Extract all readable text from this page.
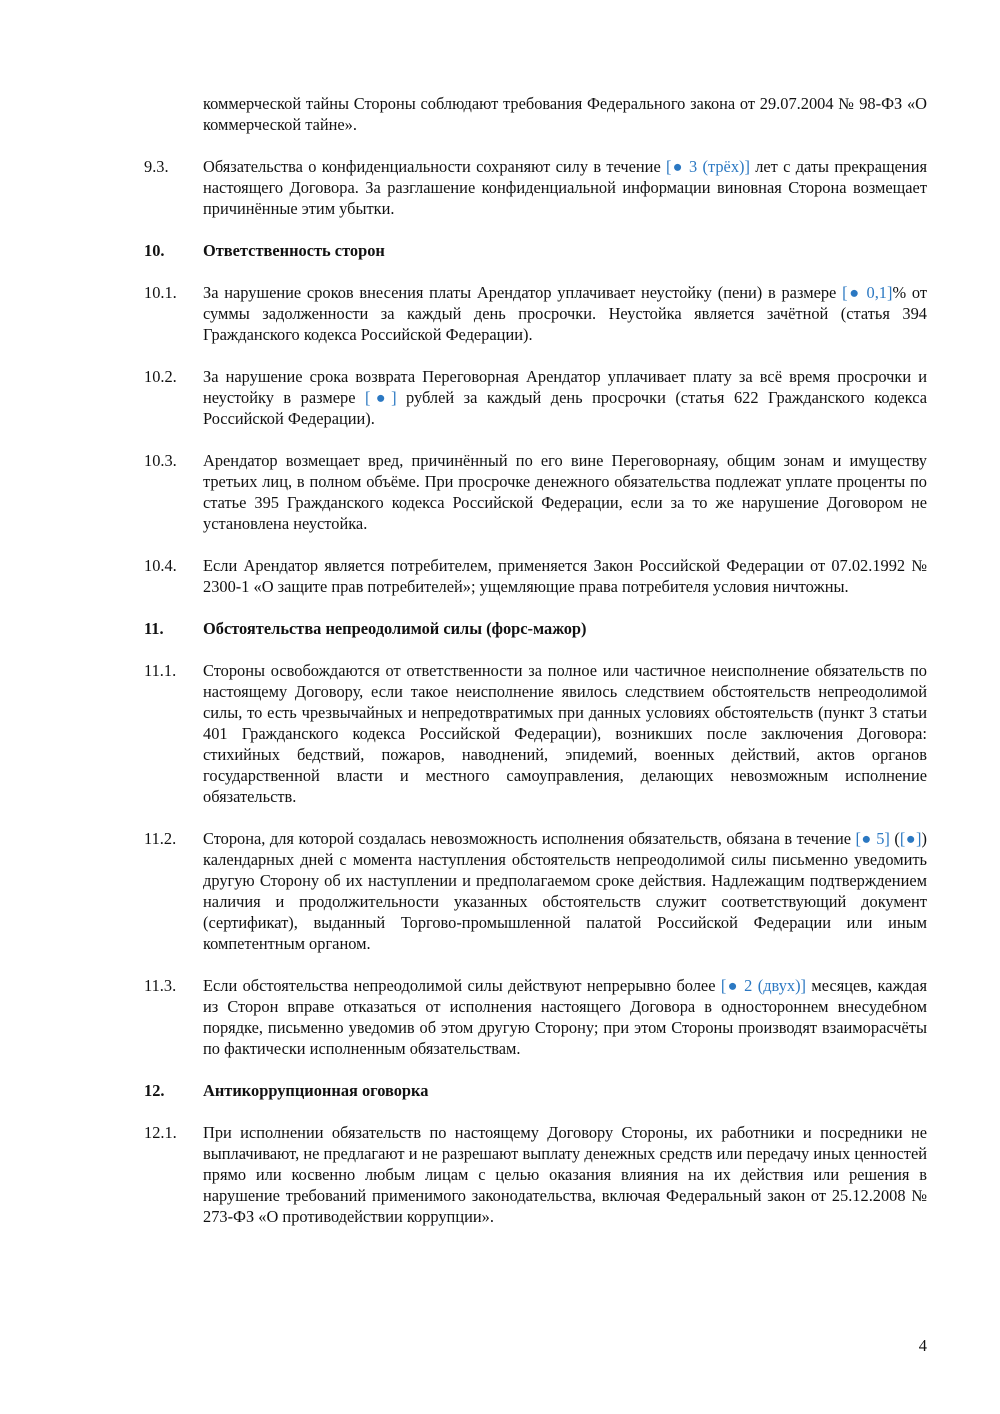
коммерческой тайны Стороны соблюдают требования Федерального закона от 29.07.2004 № 98-ФЗ «О коммерческой тайне».

9.3.	Обязательства о конфиденциальности сохраняют силу в течение [● 3 (трёх)] лет с даты прекращения настоящего Договора. За разглашение конфиденциальной информации виновная Сторона возмещает причинённые этим убытки.
10.	Ответственность сторон
10.1.	За нарушение сроков внесения платы Арендатор уплачивает неустойку (пени) в размере [● 0,1]% от суммы задолженности за каждый день просрочки. Неустойка является зачётной (статья 394 Гражданского кодекса Российской Федерации).
10.2.	За нарушение срока возврата Переговорная Арендатор уплачивает плату за всё время просрочки и неустойку в размере [●] рублей за каждый день просрочки (статья 622 Гражданского кодекса Российской Федерации).
10.3.	Арендатор возмещает вред, причинённый по его вине Переговорнаяу, общим зонам и имуществу третьих лиц, в полном объёме. При просрочке денежного обязательства подлежат уплате проценты по статье 395 Гражданского кодекса Российской Федерации, если за то же нарушение Договором не установлена неустойка.
10.4.	Если Арендатор является потребителем, применяется Закон Российской Федерации от 07.02.1992 № 2300-1 «О защите прав потребителей»; ущемляющие права потребителя условия ничтожны.
11.	Обстоятельства непреодолимой силы (форс-мажор)
11.1.	Стороны освобождаются от ответственности за полное или частичное неисполнение обязательств по настоящему Договору, если такое неисполнение явилось следствием обстоятельств непреодолимой силы, то есть чрезвычайных и непредотвратимых при данных условиях обстоятельств (пункт 3 статьи 401 Гражданского кодекса Российской Федерации), возникших после заключения Договора: стихийных бедствий, пожаров, наводнений, эпидемий, военных действий, актов органов государственной власти и местного самоуправления, делающих невозможным исполнение обязательств.
11.2.	Сторона, для которой создалась невозможность исполнения обязательств, обязана в течение [● 5] ([●]) календарных дней с момента наступления обстоятельств непреодолимой силы письменно уведомить другую Сторону об их наступлении и предполагаемом сроке действия. Надлежащим подтверждением наличия и продолжительности указанных обстоятельств служит соответствующий документ (сертификат), выданный Торгово-промышленной палатой Российской Федерации или иным компетентным органом.
11.3.	Если обстоятельства непреодолимой силы действуют непрерывно более [● 2 (двух)] месяцев, каждая из Сторон вправе отказаться от исполнения настоящего Договора в одностороннем внесудебном порядке, письменно уведомив об этом другую Сторону; при этом Стороны производят взаиморасчёты по фактически исполненным обязательствам.
12.	Антикоррупционная оговорка
12.1.	При исполнении обязательств по настоящему Договору Стороны, их работники и посредники не выплачивают, не предлагают и не разрешают выплату денежных средств или передачу иных ценностей прямо или косвенно любым лицам с целью оказания влияния на их действия или решения в нарушение требований применимого законодательства, включая Федеральный закон от 25.12.2008 № 273-ФЗ «О противодействии коррупции».
4
